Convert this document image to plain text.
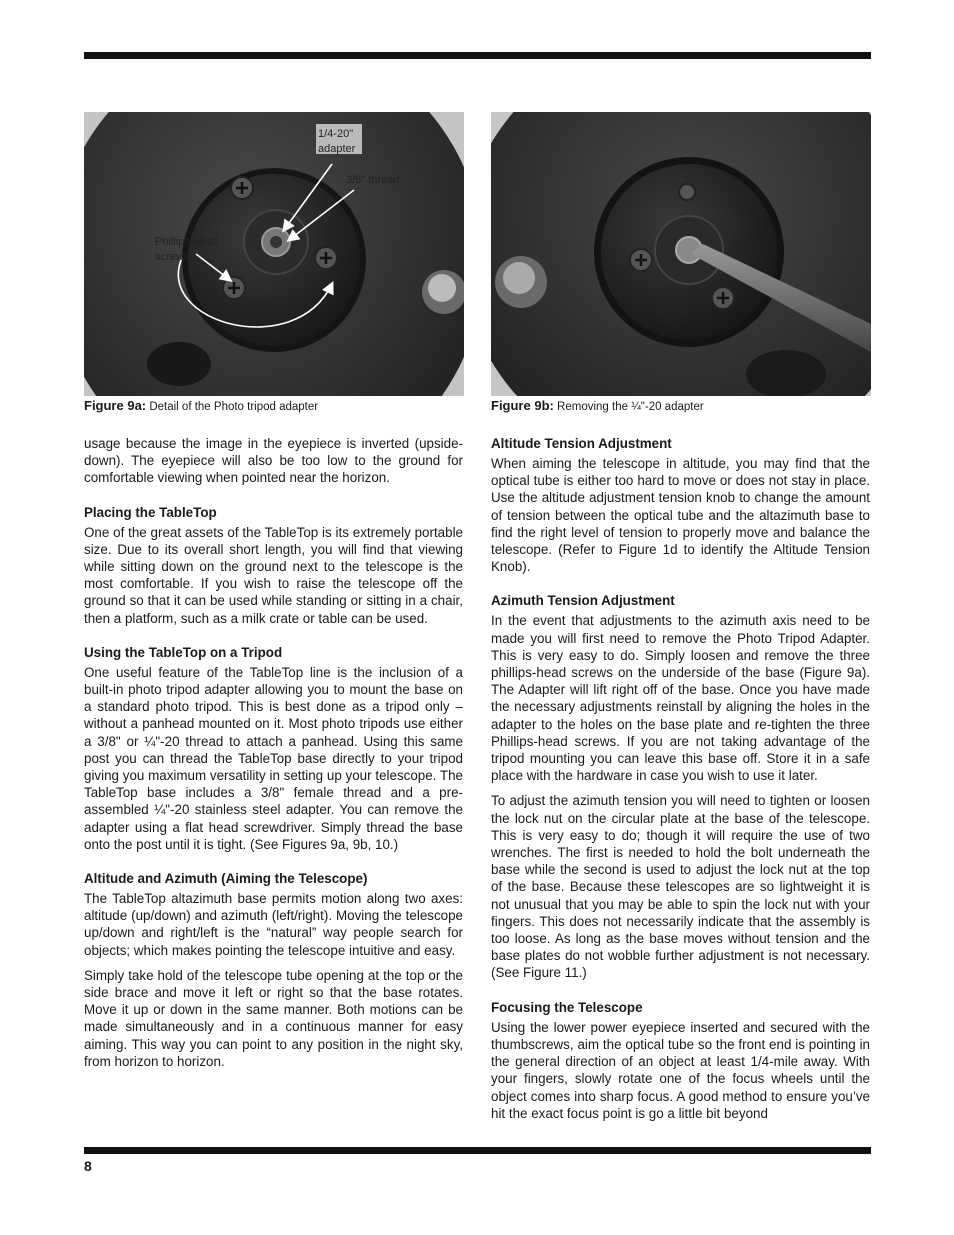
1/4-20"
adapter
3/8" thread
Phillips head
screws
Figure 9a: Detail of the Photo tripod adapter	Figure 9b: Removing the ¼"-20 adapter

usage because the image in the eyepiece is inverted (upside-down). The eyepiece will also be too low to the ground for comfortable viewing when pointed near the horizon.

Placing the TableTop

One of the great assets of the TableTop is its extremely portable size. Due to its overall short length, you will find that viewing while sitting down on the ground next to the telescope is the most comfortable. If you wish to raise the telescope off the ground so that it can be used while standing or sitting in a chair, then a platform, such as a milk crate or table can be used.

Using the TableTop on a Tripod

One useful feature of the TableTop line is the inclusion of a built-in photo tripod adapter allowing you to mount the base on a standard photo tripod. This is best done as a tripod only – without a panhead mounted on it. Most photo tripods use either a 3/8" or ¼"-20 thread to attach a panhead. Using this same post you can thread the TableTop base directly to your tripod giving you maximum versatility in setting up your telescope. The TableTop base includes a 3/8" female thread and a pre-assembled ¼"-20 stainless steel adapter. You can remove the adapter using a flat head screwdriver. Simply thread the base onto the post until it is tight. (See Figures 9a, 9b, 10.)

Altitude and Azimuth (Aiming the Telescope)

The TableTop altazimuth base permits motion along two axes: altitude (up/down) and azimuth (left/right). Moving the telescope up/down and right/left is the “natural” way people search for objects; which makes pointing the telescope intuitive and easy.

Simply take hold of the telescope tube opening at the top or the side brace and move it left or right so that the base rotates. Move it up or down in the same manner. Both motions can be made simultaneously and in a continuous manner for easy aiming. This way you can point to any position in the night sky, from horizon to horizon.

Altitude Tension Adjustment

When aiming the telescope in altitude, you may find that the optical tube is either too hard to move or does not stay in place. Use the altitude adjustment tension knob to change the amount of tension between the optical tube and the altazimuth base to find the right level of tension to properly move and balance the telescope. (Refer to Figure 1d to identify the Altitude Tension Knob).

Azimuth Tension Adjustment

In the event that adjustments to the azimuth axis need to be made you will first need to remove the Photo Tripod Adapter. This is very easy to do. Simply loosen and remove the three phillips-head screws on the underside of the base (Figure 9a). The Adapter will lift right off of the base. Once you have made the necessary adjustments reinstall by aligning the holes in the adapter to the holes on the base plate and re-tighten the three Phillips-head screws. If you are not taking advantage of the tripod mounting you can leave this base off. Store it in a safe place with the hardware in case you wish to use it later.

To adjust the azimuth tension you will need to tighten or loosen the lock nut on the circular plate at the base of the telescope. This is very easy to do; though it will require the use of two wrenches. The first is needed to hold the bolt underneath the base while the second is used to adjust the lock nut at the top of the base. Because these telescopes are so lightweight it is not unusual that you may be able to spin the lock nut with your fingers. This does not necessarily indicate that the assembly is too loose. As long as the base moves without tension and the base plates do not wobble further adjustment is not necessary. (See Figure 11.)

Focusing the Telescope

Using the lower power eyepiece inserted and secured with the thumbscrews, aim the optical tube so the front end is pointing in the general direction of an object at least 1/4-mile away. With your fingers, slowly rotate one of the focus wheels until the object comes into sharp focus. A good method to ensure you’ve hit the exact focus point is go a little bit beyond

8
